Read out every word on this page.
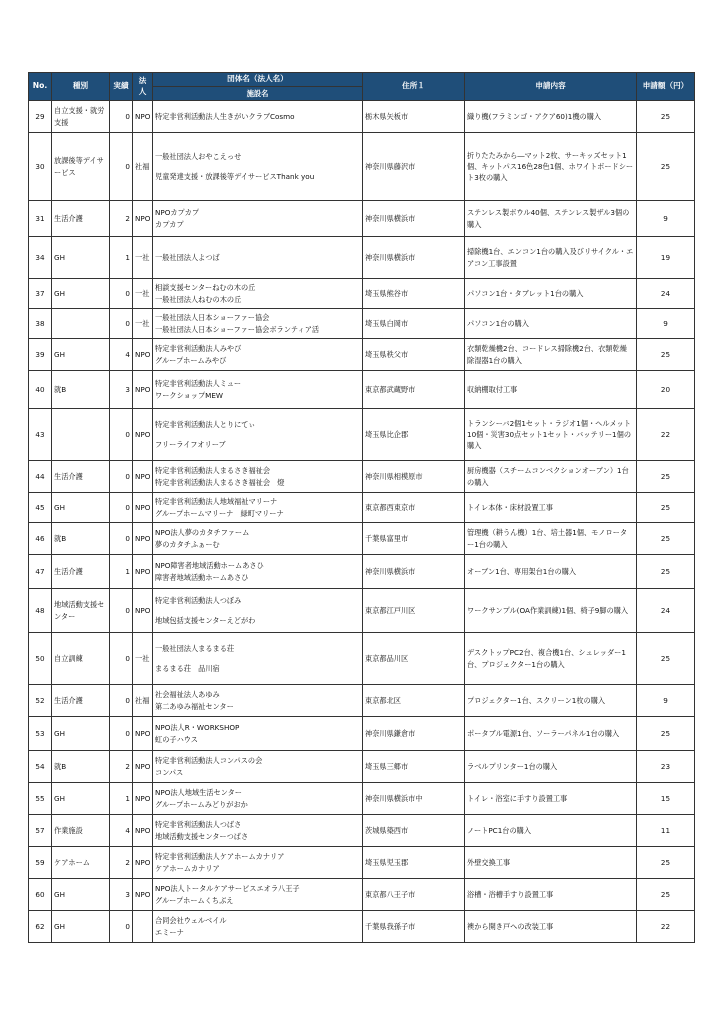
No.	種別	実績	法人	団体名（法人名）	住所１	申請内容	申請額（円）
				施設名			
29	自立支援・就労支援	0	NPO	特定非営利活動法人生きがいクラブCosmo	栃木県矢板市	織り機(フラミンゴ・アクア60)1機の購入	25
30	放課後等デイサービス	0	社福	一般社団法人おやこえっせ
児童発達支援・放課後等デイサービスThank you	神奈川県藤沢市	折りたたみから―マット2枚、サーキッズセット1個、キットパス16色28色1個、ホワイトボードシート3枚の購入	25
31	生活介護	2	NPO	NPOカプカプ
カプカプ	神奈川県横浜市	ステンレス製ボウル40個、ステンレス製ザル3個の購入	9
34	GH	1	一社	一般社団法人よつば	神奈川県横浜市	掃除機1台、エンコン1台の購入及びリサイクル・エアコン工事設置	19
37	GH	0	一社	相談支援センターねむの木の丘
一般社団法人ねむの木の丘	埼玉県熊谷市	パソコン1台・タブレット1台の購入	24
38		0	一社	一般社団法人日本ショーファー協会
一般社団法人日本ショーファー協会ボランティア活	埼玉県白岡市	パソコン1台の購入	9
39	GH	4	NPO	特定非営利活動法人みやび
グループホームみやび	埼玉県秩父市	衣類乾燥機2台、コードレス掃除機2台、衣類乾燥除湿器1台の購入	25
40	就B	3	NPO	特定非営利活動法人ミュー
ワークショップMEW	東京都武蔵野市	収納棚取付工事	20
43		0	NPO	特定非営利活動法人とりにてぃ
フリーライフオリーブ	埼玉県比企郡	トランシーバ2個1セット・ラジオ1個・ヘルメット10個・災害30点セット1セット・バッテリー1個の購入	22
44	生活介護	0	NPO	特定非営利活動法人まるさき福祉会
特定非営利活動法人まるさき福祉会　燈	神奈川県相模原市	厨房機器（スチームコンベクションオーブン）1台の購入	25
45	GH	0	NPO	特定非営利活動法人地域福祉マリーナ
グループホームマリーナ　緑町マリーナ	東京都西東京市	トイレ本体・床材設置工事	25
46	就B	0	NPO	NPO法人夢のカタチファーム
夢のカタチふぁーむ	千葉県富里市	管理機（耕うん機）1台、培土器1個、モノローター1台の購入	25
47	生活介護	1	NPO	NPO障害者地域活動ホームあさひ
障害者地域活動ホームあさひ	神奈川県横浜市	オーブン1台、専用架台1台の購入	25
48	地域活動支援センター	0	NPO	特定非営利活動法人つぼみ
地域包括支援センターえどがわ	東京都江戸川区	ワークサンプル(OA作業訓練)1個、椅子9脚の購入	24
50	自立訓練	0	一社	一般社団法人まるまる荘
まるまる荘　品川宿	東京都品川区	デスクトップPC2台、複合機1台、シュレッダー1台、プロジェクター1台の購入	25
52	生活介護	0	社福	社会福祉法人あゆみ
第二あゆみ福祉センター	東京都北区	プロジェクター1台、スクリーン1枚の購入	9
53	GH	0	NPO	NPO法人R・WORKSHOP
虹の子ハウス	神奈川県鎌倉市	ポータブル電源1台、ソーラーパネル1台の購入	25
54	就B	2	NPO	特定非営利活動法人コンパスの会
コンパス	埼玉県三郷市	ラベルプリンター1台の購入	23
55	GH	1	NPO	NPO法人地域生活センター
グループホームみどりがおか	神奈川県横浜市中	トイレ・浴室に手すり設置工事	15
57	作業施設	4	NPO	特定非営利活動法人つばさ
地域活動支援センターつばさ	茨城県築西市	ノートPC1台の購入	11
59	ケアホーム	2	NPO	特定非営利活動法人ケアホームカナリア
ケアホームカナリア	埼玉県児玉郡	外壁交換工事	25
60	GH	3	NPO	NPO法人トータルケアサービスエオラ八王子
グループホームくちぶえ	東京都八王子市	浴槽・浴槽手すり設置工事	25
62	GH	0		合同会社ウェルベイル
エミーナ	千葉県我孫子市	襖から開き戸への改装工事	22
